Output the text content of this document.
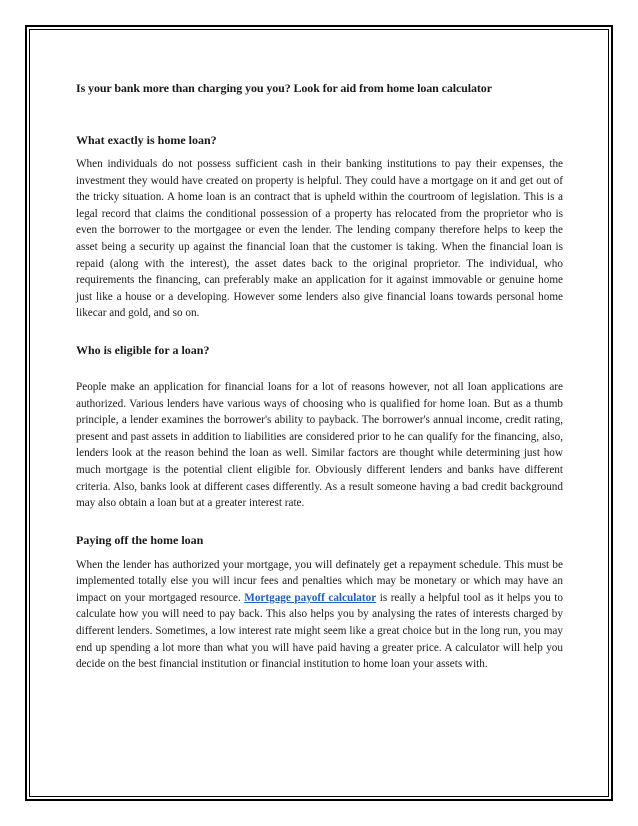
Is your bank more than charging you you? Look for aid from home loan calculator
What exactly is home loan?

When individuals do not possess sufficient cash in their banking institutions to pay their expenses, the investment they would have created on property is helpful. They could have a mortgage on it and get out of the tricky situation. A home loan is an contract that is upheld within the courtroom of legislation. This is a legal record that claims the conditional possession of a property has relocated from the proprietor who is even the borrower to the mortgagee or even the lender. The lending company therefore helps to keep the asset being a security up against the financial loan that the customer is taking. When the financial loan is repaid (along with the interest), the asset dates back to the original proprietor. The individual, who requirements the financing, can preferably make an application for it against immovable or genuine home just like a house or a developing. However some lenders also give financial loans towards personal home likecar and gold, and so on.

Who is eligible for a loan?

People make an application for financial loans for a lot of reasons however, not all loan applications are authorized. Various lenders have various ways of choosing who is qualified for home loan. But as a thumb principle, a lender examines the borrower's ability to payback. The borrower's annual income, credit rating, present and past assets in addition to liabilities are considered prior to he can qualify for the financing, also, lenders look at the reason behind the loan as well. Similar factors are thought while determining just how much mortgage is the potential client eligible for. Obviously different lenders and banks have different criteria. Also, banks look at different cases differently. As a result someone having a bad credit background may also obtain a loan but at a greater interest rate.

Paying off the home loan

When the lender has authorized your mortgage, you will definately get a repayment schedule. This must be implemented totally else you will incur fees and penalties which may be monetary or which may have an impact on your mortgaged resource. Mortgage payoff calculator is really a helpful tool as it helps you to calculate how you will need to pay back. This also helps you by analysing the rates of interests charged by different lenders. Sometimes, a low interest rate might seem like a great choice but in the long run, you may end up spending a lot more than what you will have paid having a greater price. A calculator will help you decide on the best financial institution or financial institution to home loan your assets with.
